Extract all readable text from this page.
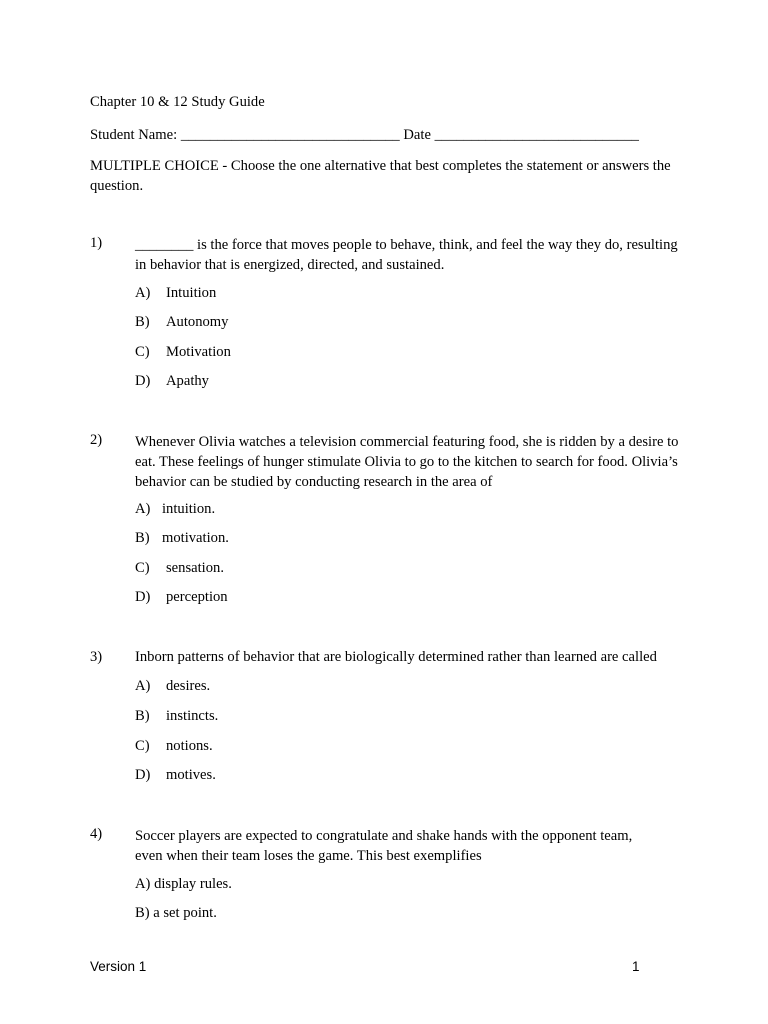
Chapter 10 & 12 Study Guide
Student Name: ______________________________ Date ____________________________
MULTIPLE CHOICE - Choose the one alternative that best completes the statement or answers the question.
1) ________ is the force that moves people to behave, think, and feel the way they do, resulting in behavior that is energized, directed, and sustained.
A) Intuition
B) Autonomy
C) Motivation
D) Apathy
2) Whenever Olivia watches a television commercial featuring food, she is ridden by a desire to eat. These feelings of hunger stimulate Olivia to go to the kitchen to search for food. Olivia’s behavior can be studied by conducting research in the area of
A) intuition.
B) motivation.
C) sensation.
D) perception
3) Inborn patterns of behavior that are biologically determined rather than learned are called
A) desires.
B) instincts.
C) notions.
D) motives.
4) Soccer players are expected to congratulate and shake hands with the opponent team, even when their team loses the game. This best exemplifies
A) display rules.
B) a set point.
Version 1	1
